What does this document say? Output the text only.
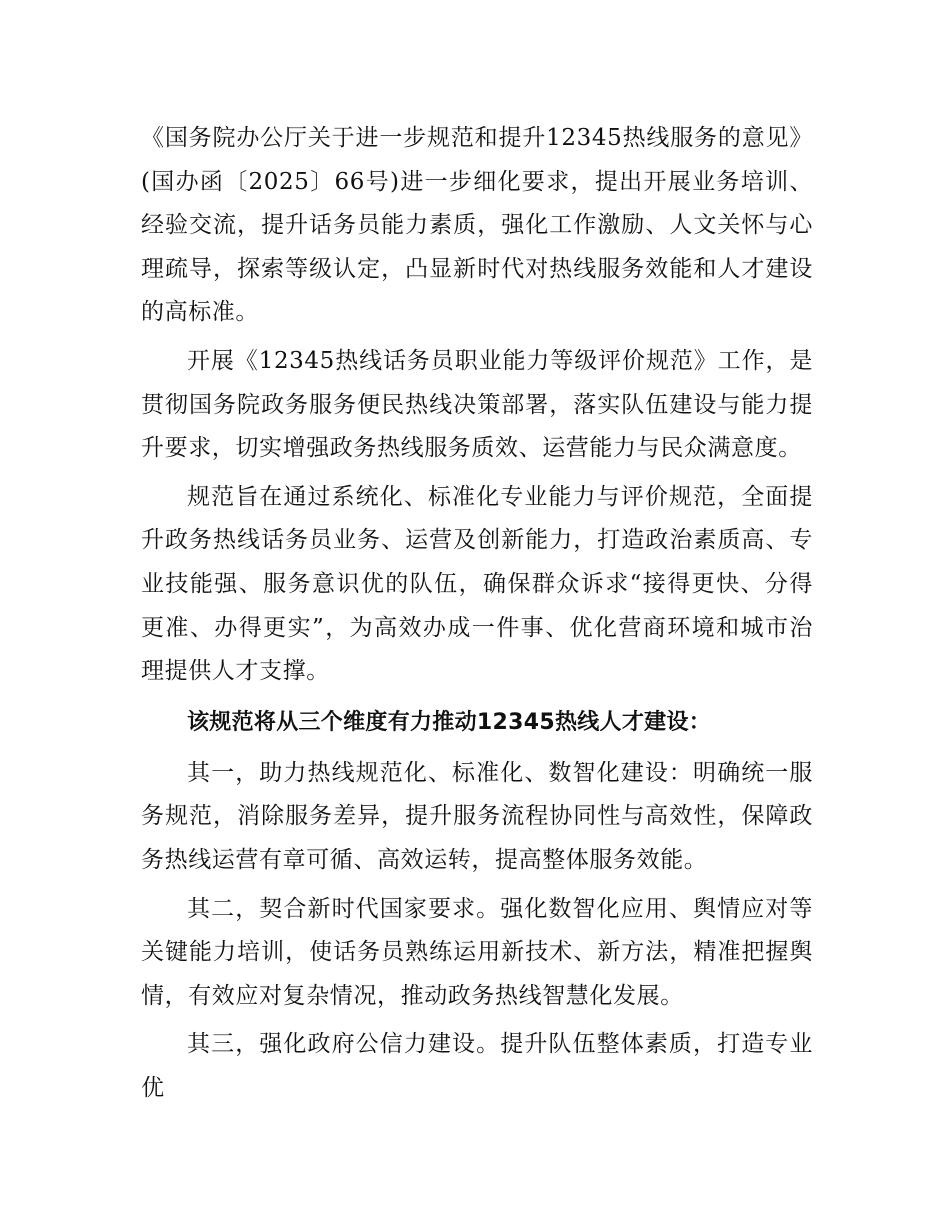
《国务院办公厅关于进一步规范和提升12345热线服务的意见》(国办函〔2025〕66号)进一步细化要求，提出开展业务培训、经验交流，提升话务员能力素质，强化工作激励、人文关怀与心理疏导，探索等级认定，凸显新时代对热线服务效能和人才建设的高标准。

开展《12345热线话务员职业能力等级评价规范》工作，是贯彻国务院政务服务便民热线决策部署，落实队伍建设与能力提升要求，切实增强政务热线服务质效、运营能力与民众满意度。

规范旨在通过系统化、标准化专业能力与评价规范，全面提升政务热线话务员业务、运营及创新能力，打造政治素质高、专业技能强、服务意识优的队伍，确保群众诉求“接得更快、分得更准、办得更实”，为高效办成一件事、优化营商环境和城市治理提供人才支撑。

该规范将从三个维度有力推动12345热线人才建设：

其一，助力热线规范化、标准化、数智化建设：明确统一服务规范，消除服务差异，提升服务流程协同性与高效性，保障政务热线运营有章可循、高效运转，提高整体服务效能。

其二，契合新时代国家要求。强化数智化应用、舆情应对等关键能力培训，使话务员熟练运用新技术、新方法，精准把握舆情，有效应对复杂情况，推动政务热线智慧化发展。

其三，强化政府公信力建设。提升队伍整体素质，打造专业优
